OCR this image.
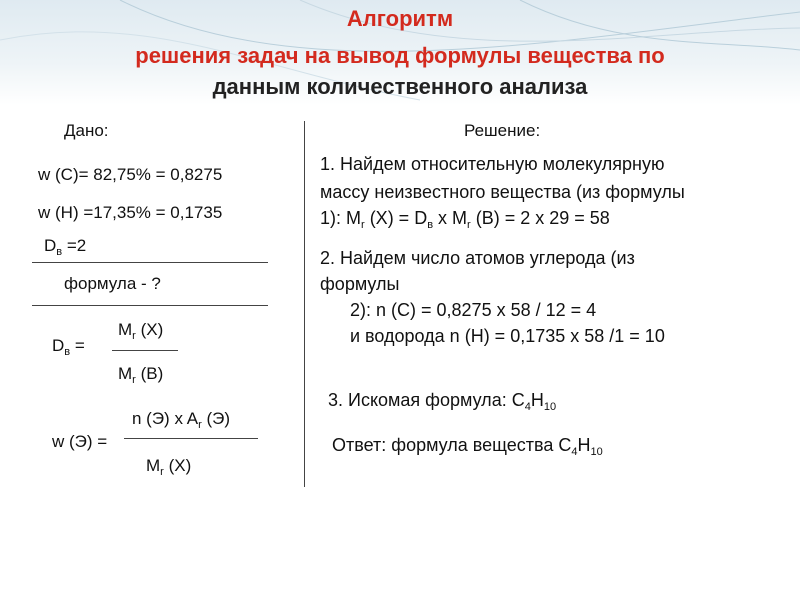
Алгоритм
решения задач на вывод формулы вещества по
данным количественного анализа
Дано:
w (C)= 82,75% = 0,8275
w (H) =17,35% = 0,1735
$D_в =2$
формула - ?
$D_в$ =
$M_r$ (X)
$M_r$ (B)
w (Э) =
n (Э) x $A_r$ (Э)
$M_r$ (X)
Решение:
1. Найдем относительную молекулярную
массу неизвестного вещества (из формулы
1): $M_r$ $(X) = D_в$ x $M_r$ (B) = 2 x 29 = 58
2. Найдем число атомов углерода (из
формулы
2): n (C) = 0,8275 x 58 / 12 = 4
и водорода n (H) = 0,1735 x 58 /1 = 10
3. Искомая формула: $C_4H_{10}$
Ответ: формула вещества $C_4H_{10}$
